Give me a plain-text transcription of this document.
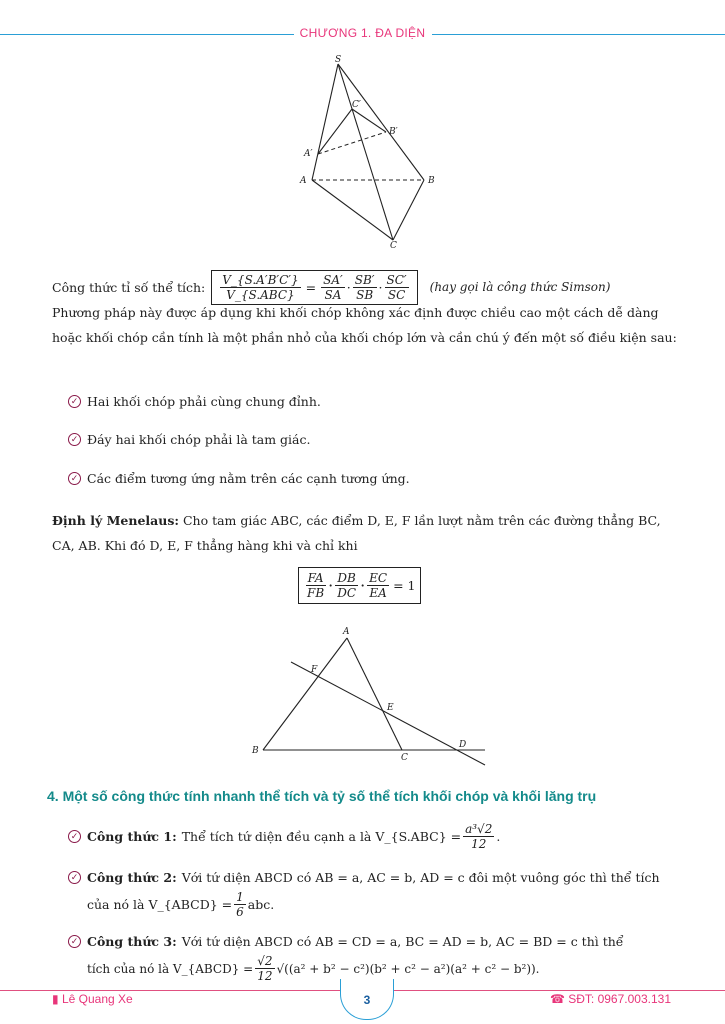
CHƯƠNG 1. ĐA DIỆN
S
C′
B′
A′
A	B
C
Công thức tỉ số thể tích: $\frac{V\_\{S.A'B'C'\}}{\text{V\_\{S.ABC\}}} = \frac{SA'}{SA} \cdot \frac{SB'}{SB} \cdot \frac{SC'}{SC} (hay$ gọi là công thức Simson)
Phương pháp này được áp dụng khi khối chóp không xác định được chiều cao một cách dễ dàng hoặc khối chóp cần tính là một phần nhỏ của khối chóp lớn và cần chú ý đến một số điều kiện sau:
✓ Hai khối chóp phải cùng chung đỉnh.
✓ Đáy hai khối chóp phải là tam giác.
✓ Các điểm tương ứng nằm trên các cạnh tương ứng.
Định lý Menelaus: Cho tam giác ABC, các điểm D, E, F lần lượt nằm trên các đường thẳng BC, CA, AB. Khi đó D, E, F thẳng hàng khi và chỉ khi
$\frac{FA}{FB} \cdot \frac{DB}{DC} \cdot \frac{EC}{EA} = 1$
A
F
E
B
C
D
4. Một số công thức tính nhanh thể tích và tỷ số thể tích khối chóp và khối lăng trụ
✓ Công thức 1: Thể tích tứ diện đều cạnh a là V_{S.ABC} = $\frac{\text{a³√2}}{12}$ .
✓ Công thức 2: Với tứ diện ABCD có AB = a, AC = b, AD = c đôi một vuông góc thì thể tích
của nó là V_{ABCD} = $\frac{1}{6}$ abc.
✓ Công thức 3: Với tứ diện ABCD có AB = CD = a, BC = AD = b, AC = BD = c thì thể
tích của nó là V_{ABCD} = $\frac{√2}{12} √((a^2 + b^2 - c^2)(b^2 + c^2 - a^2)(a^2 + c^2 - b^2))$.
▮ Lê Quang Xe	3	☎ SĐT: 0967.003.131
